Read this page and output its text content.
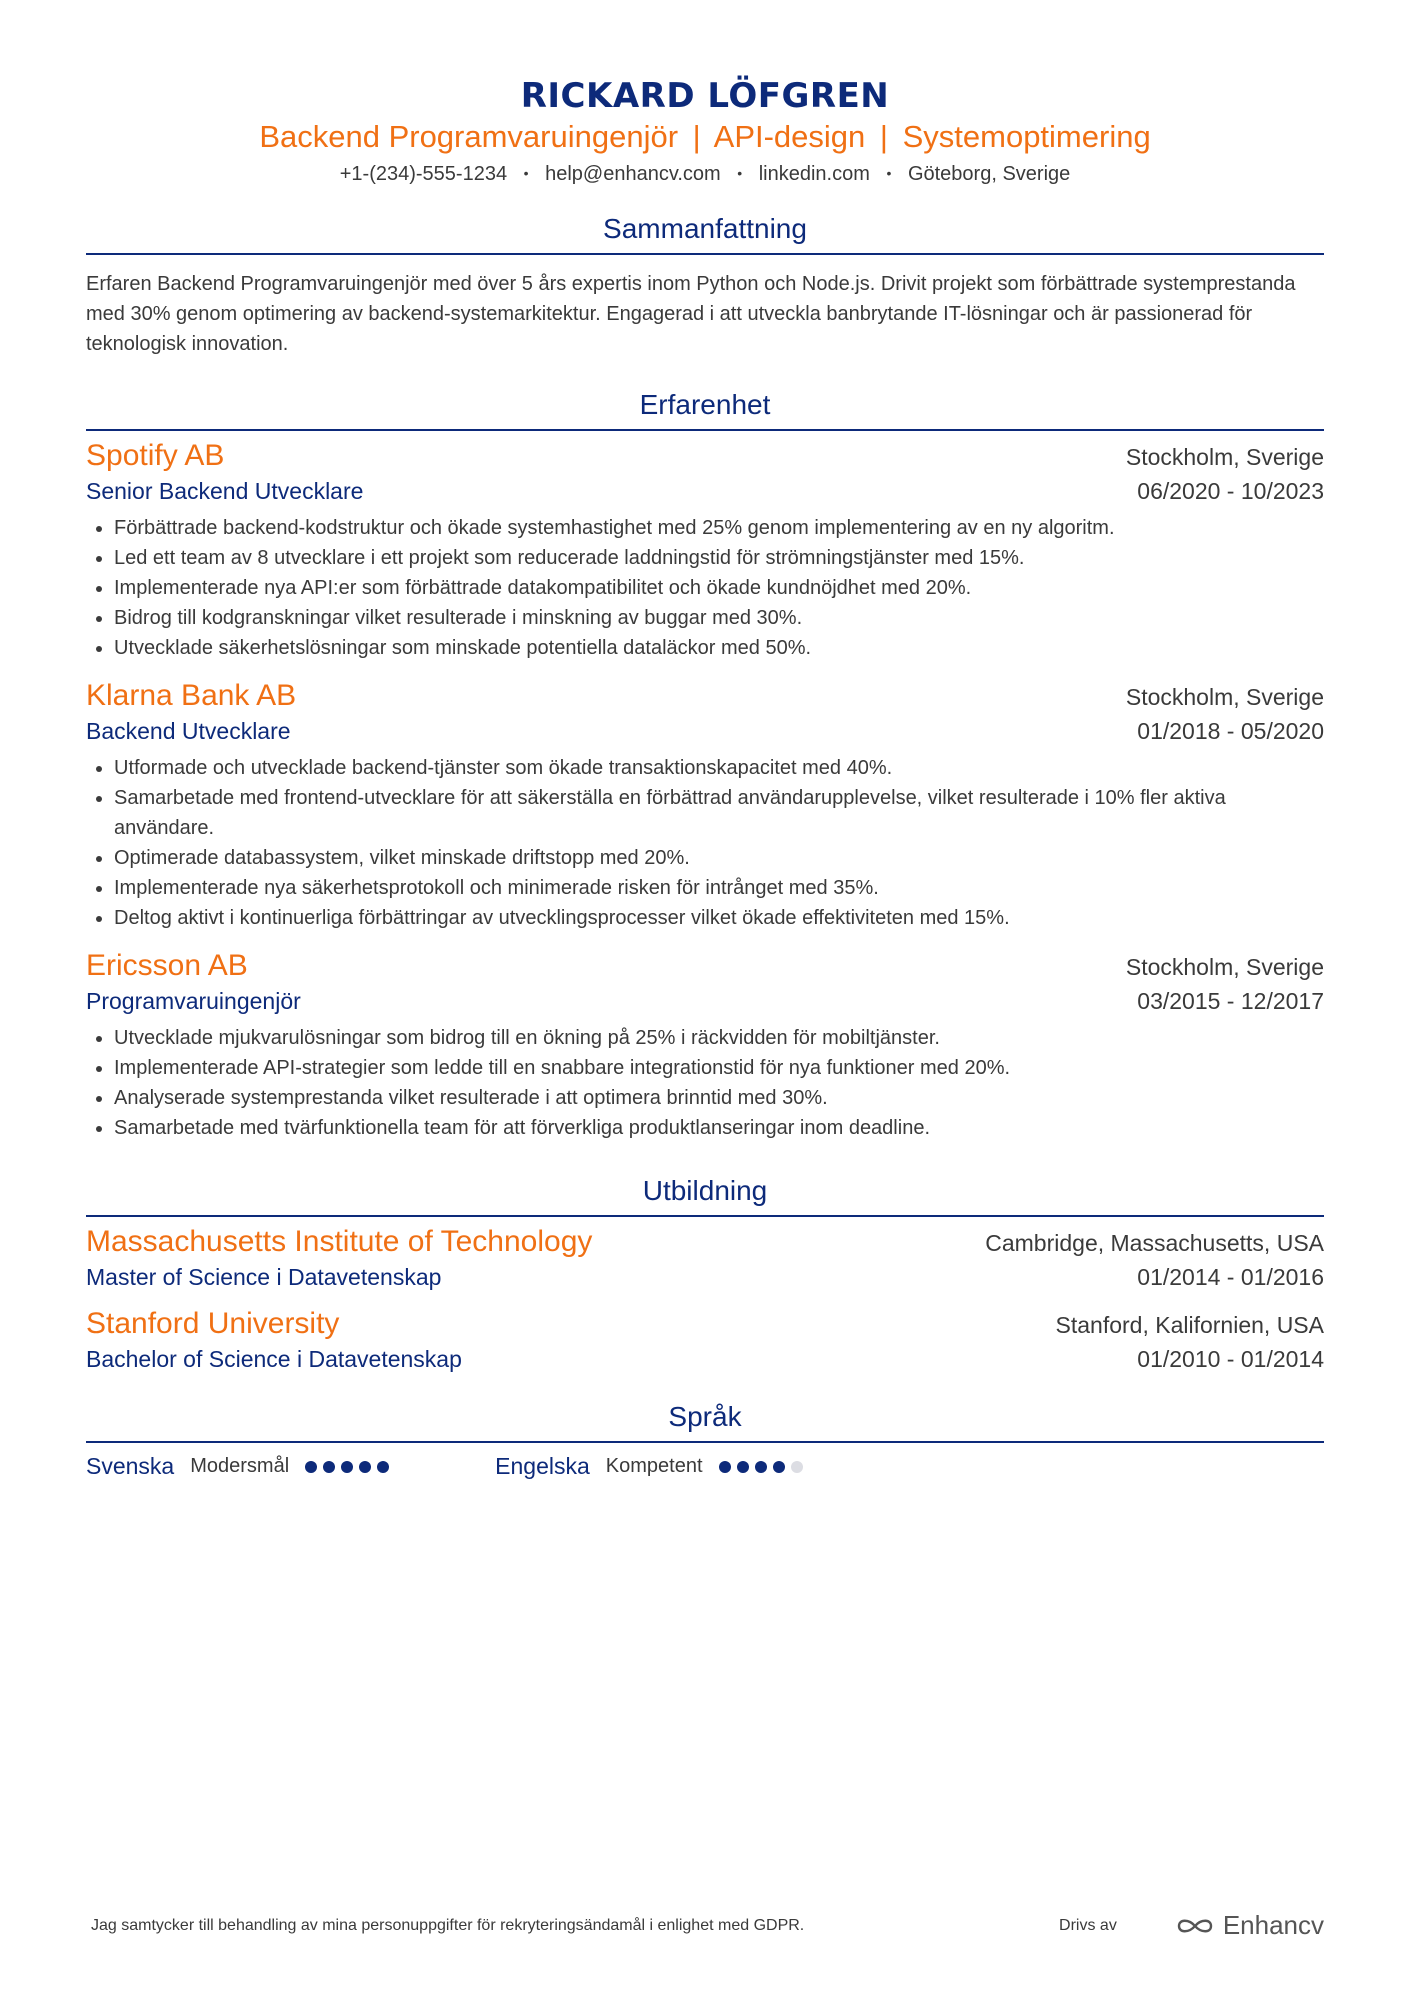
RICKARD LÖFGREN
Backend Programvaruingenjör | API-design | Systemoptimering
+1-(234)-555-1234 • help@enhancv.com • linkedin.com • Göteborg, Sverige
Sammanfattning
Erfaren Backend Programvaruingenjör med över 5 års expertis inom Python och Node.js. Drivit projekt som förbättrade systemprestanda med 30% genom optimering av backend-systemarkitektur. Engagerad i att utveckla banbrytande IT-lösningar och är passionerad för teknologisk innovation.
Erfarenhet
Spotify AB	Stockholm, Sverige
Senior Backend Utvecklare	06/2020 - 10/2023
• Förbättrade backend-kodstruktur och ökade systemhastighet med 25% genom implementering av en ny algoritm.
• Led ett team av 8 utvecklare i ett projekt som reducerade laddningstid för strömningstjänster med 15%.
• Implementerade nya API:er som förbättrade datakompatibilitet och ökade kundnöjdhet med 20%.
• Bidrog till kodgranskningar vilket resulterade i minskning av buggar med 30%.
• Utvecklade säkerhetslösningar som minskade potentiella dataläckor med 50%.
Klarna Bank AB	Stockholm, Sverige
Backend Utvecklare	01/2018 - 05/2020
• Utformade och utvecklade backend-tjänster som ökade transaktionskapacitet med 40%.
• Samarbetade med frontend-utvecklare för att säkerställa en förbättrad användarupplevelse, vilket resulterade i 10% fler aktiva användare.
• Optimerade databassystem, vilket minskade driftstopp med 20%.
• Implementerade nya säkerhetsprotokoll och minimerade risken för intrånget med 35%.
• Deltog aktivt i kontinuerliga förbättringar av utvecklingsprocesser vilket ökade effektiviteten med 15%.
Ericsson AB	Stockholm, Sverige
Programvaruingenjör	03/2015 - 12/2017
• Utvecklade mjukvarulösningar som bidrog till en ökning på 25% i räckvidden för mobiltjänster.
• Implementerade API-strategier som ledde till en snabbare integrationstid för nya funktioner med 20%.
• Analyserade systemprestanda vilket resulterade i att optimera brinntid med 30%.
• Samarbetade med tvärfunktionella team för att förverkliga produktlanseringar inom deadline.
Utbildning
Massachusetts Institute of Technology	Cambridge, Massachusetts, USA
Master of Science i Datavetenskap	01/2014 - 01/2016
Stanford University	Stanford, Kalifornien, USA
Bachelor of Science i Datavetenskap	01/2010 - 01/2014
Språk
Svenska Modersmål	Engelska Kompetent
Jag samtycker till behandling av mina personuppgifter för rekryteringsändamål i enlighet med GDPR.	Drivs av	Enhancv
